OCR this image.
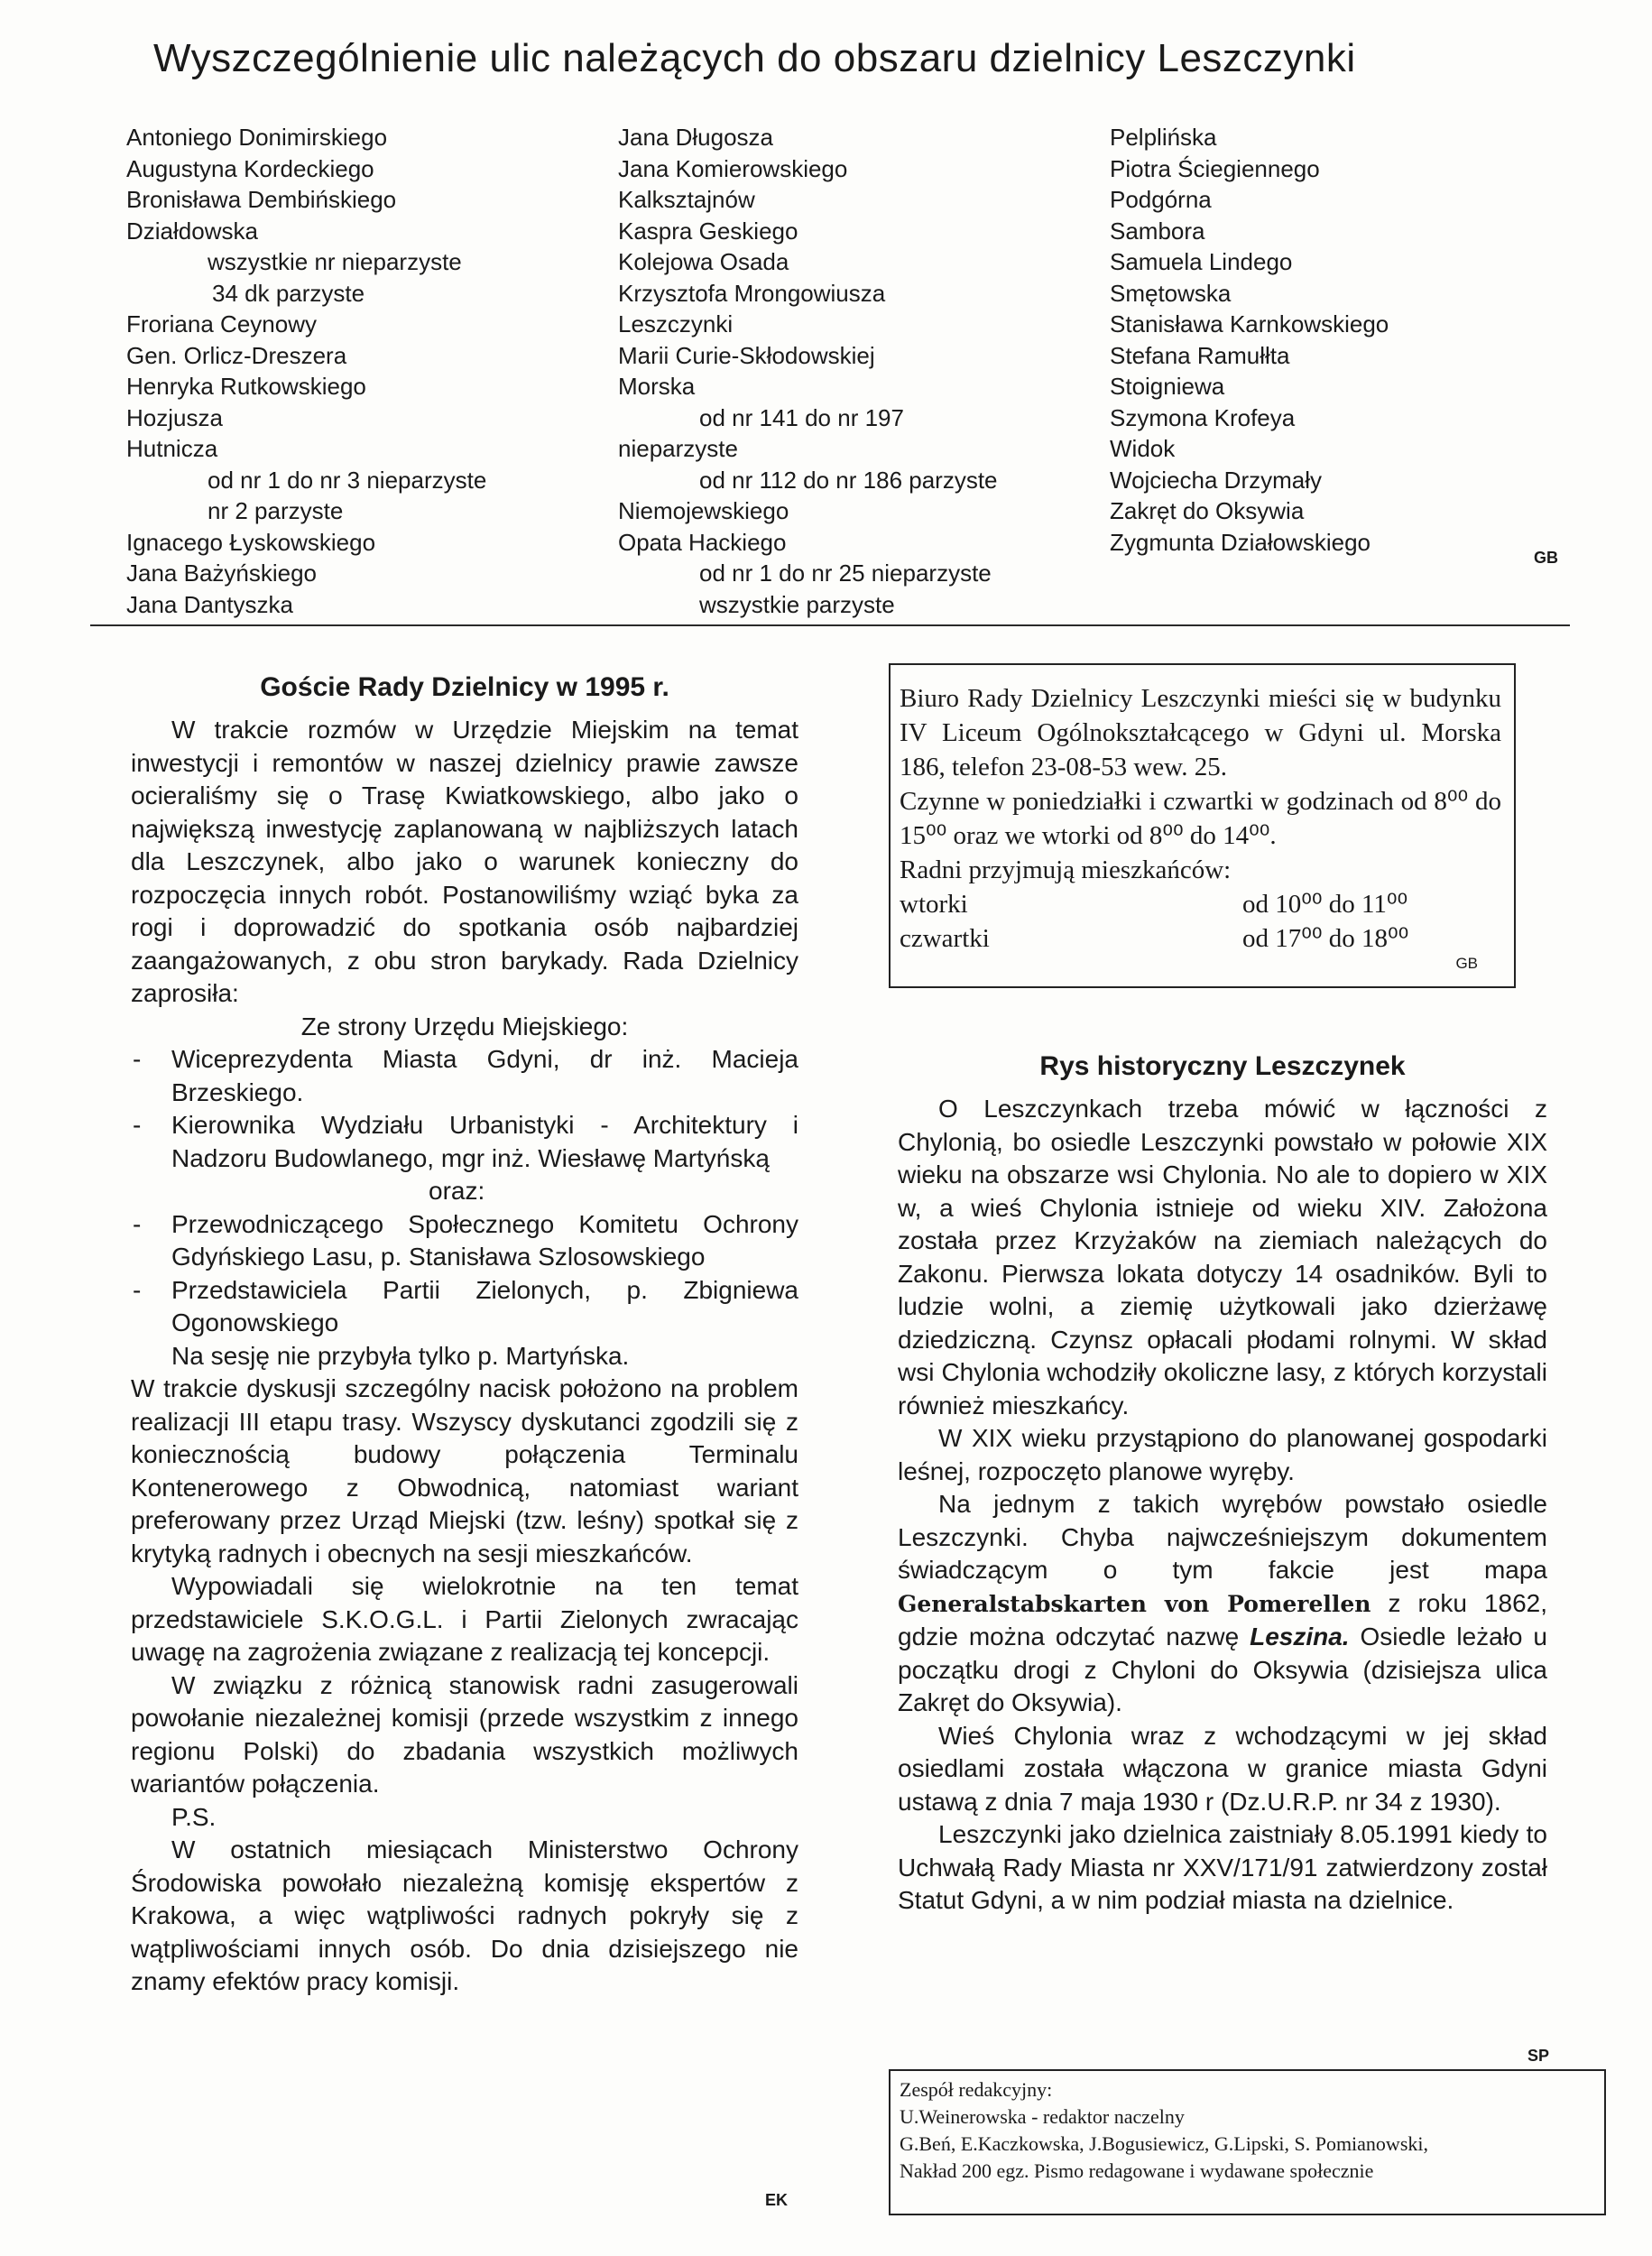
Wyszczególnienie ulic należących do obszaru dzielnicy Leszczynki
Antoniego Donimirskiego
Augustyna Kordeckiego
Bronisława Dembińskiego
Działdowska
wszystkie nr nieparzyste
34 dk parzyste
Froriana Ceynowy
Gen. Orlicz-Dreszera
Henryka Rutkowskiego
Hozjusza
Hutnicza
od nr 1 do nr 3 nieparzyste
nr 2 parzyste
Ignacego Łyskowskiego
Jana Bażyńskiego
Jana Dantyszka
Jana Długosza
Jana Komierowskiego
Kalksztajnów
Kaspra Geskiego
Kolejowa Osada
Krzysztofa Mrongowiusza
Leszczynki
Marii Curie-Skłodowskiej
Morska
od nr 141 do nr 197
nieparzyste
od nr 112 do nr 186 parzyste
Niemojewskiego
Opata Hackiego
od nr 1 do nr 25 nieparzyste
wszystkie parzyste
Pelplińska
Piotra Ściegiennego
Podgórna
Sambora
Samuela Lindego
Smętowska
Stanisława Karnkowskiego
Stefana Ramułłta
Stoigniewa
Szymona Krofeya
Widok
Wojciecha Drzymały
Zakręt do Oksywia
Zygmunta Działowskiego
GB
Goście Rady Dzielnicy w 1995 r.

W trakcie rozmów w Urzędzie Miejskim na temat inwestycji i remontów w naszej dzielnicy prawie zawsze ocieraliśmy się o Trasę Kwiatkowskiego, albo jako o największą inwestycję zaplanowaną w najbliższych latach dla Leszczynek, albo jako o warunek konieczny do rozpoczęcia innych robót. Postanowiliśmy wziąć byka za rogi i doprowadzić do spotkania osób najbardziej zaangażowanych, z obu stron barykady. Rada Dzielnicy zaprosiła:

Ze strony Urzędu Miejskiego:
- Wiceprezydenta Miasta Gdyni, dr inż. Macieja Brzeskiego.
- Kierownika Wydziału Urbanistyki - Architektury i Nadzoru Budowlanego, mgr inż. Wiesławę Martyńską
oraz:
- Przewodniczącego Społecznego Komitetu Ochrony Gdyńskiego Lasu, p. Stanisława Szlosowskiego
- Przedstawiciela Partii Zielonych, p. Zbigniewa Ogonowskiego

Na sesję nie przybyła tylko p. Martyńska.

W trakcie dyskusji szczególny nacisk położono na problem realizacji III etapu trasy. Wszyscy dyskutanci zgodzili się z koniecznością budowy połączenia Terminalu Kontenerowego z Obwodnicą, natomiast wariant preferowany przez Urząd Miejski (tzw. leśny) spotkał się z krytyką radnych i obecnych na sesji mieszkańców.

Wypowiadali się wielokrotnie na ten temat przedstawiciele S.K.O.G.L. i Partii Zielonych zwracając uwagę na zagrożenia związane z realizacją tej koncepcji.

W związku z różnicą stanowisk radni zasugerowali powołanie niezależnej komisji (przede wszystkim z innego regionu Polski) do zbadania wszystkich możliwych wariantów połączenia.

P.S.

W ostatnich miesiącach Ministerstwo Ochrony Środowiska powołało niezależną komisję ekspertów z Krakowa, a więc wątpliwości radnych pokryły się z wątpliwościami innych osób. Do dnia dzisiejszego nie znamy efektów pracy komisji.

EK

Biuro Rady Dzielnicy Leszczynki mieści się w budynku IV Liceum Ogólnokształcącego w Gdyni ul. Morska 186, telefon 23-08-53 wew. 25.

Czynne w poniedziałki i czwartki w godzinach od 8⁰⁰ do 15⁰⁰ oraz we wtorki od 8⁰⁰ do 14⁰⁰.

Radni przyjmują mieszkańców:

wtorki	od 10⁰⁰ do 11⁰⁰
czwartki	od 17⁰⁰ do 18⁰⁰
GB
Rys historyczny Leszczynek

O Leszczynkach trzeba mówić w łączności z Chylonią, bo osiedle Leszczynki powstało w połowie XIX wieku na obszarze wsi Chylonia. No ale to dopiero w XIX w, a wieś Chylonia istnieje od wieku XIV. Założona została przez Krzyżaków na ziemiach należących do Zakonu. Pierwsza lokata dotyczy 14 osadników. Byli to ludzie wolni, a ziemię użytkowali jako dzierżawę dziedziczną. Czynsz opłacali płodami rolnymi. W skład wsi Chylonia wchodziły okoliczne lasy, z których korzystali również mieszkańcy.

W XIX wieku przystąpiono do planowanej gospodarki leśnej, rozpoczęto planowe wyręby.

Na jednym z takich wyrębów powstało osiedle Leszczynki. Chyba najwcześniejszym dokumentem świadczącym o tym fakcie jest mapa Generalstabskarten von Pomerellen z roku 1862, gdzie można odczytać nazwę Leszina. Osiedle leżało u początku drogi z Chyloni do Oksywia (dzisiejsza ulica Zakręt do Oksywia).

Wieś Chylonia wraz z wchodzącymi w jej skład osiedlami została włączona w granice miasta Gdyni ustawą z dnia 7 maja 1930 r (Dz.U.R.P. nr 34 z 1930).

Leszczynki jako dzielnica zaistniały 8.05.1991 kiedy to Uchwałą Rady Miasta nr XXV/171/91 zatwierdzony został Statut Gdyni, a w nim podział miasta na dzielnice.

SP
Zespół redakcyjny:
U.Weinerowska - redaktor naczelny
G.Beń, E.Kaczkowska, J.Bogusiewicz, G.Lipski, S. Pomianowski,
Nakład 200 egz. Pismo redagowane i wydawane społecznie
